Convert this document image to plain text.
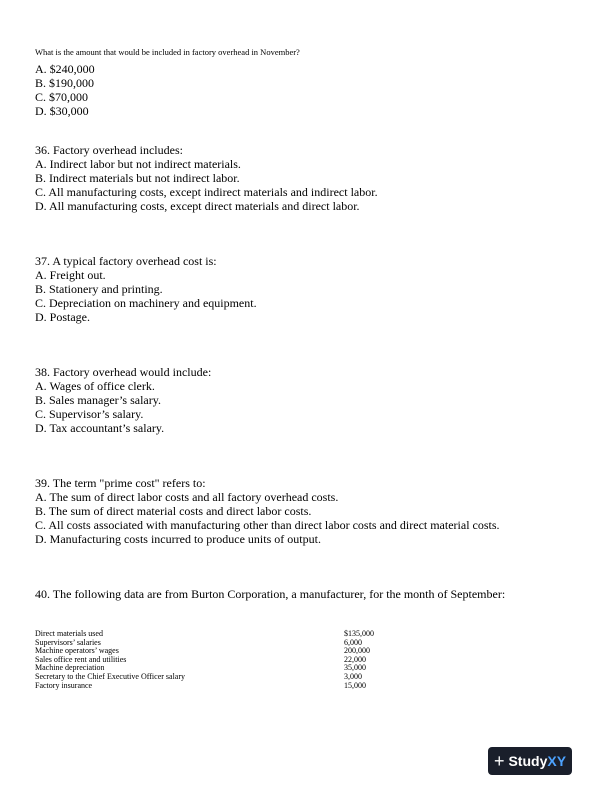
What is the amount that would be included in factory overhead in November?
A. $240,000
B. $190,000
C. $70,000
D. $30,000
36. Factory overhead includes:
A. Indirect labor but not indirect materials.
B. Indirect materials but not indirect labor.
C. All manufacturing costs, except indirect materials and indirect labor.
D. All manufacturing costs, except direct materials and direct labor.
37. A typical factory overhead cost is:
A. Freight out.
B. Stationery and printing.
C. Depreciation on machinery and equipment.
D. Postage.
38. Factory overhead would include:
A. Wages of office clerk.
B. Sales manager’s salary.
C. Supervisor’s salary.
D. Tax accountant’s salary.
39. The term "prime cost" refers to:
A. The sum of direct labor costs and all factory overhead costs.
B. The sum of direct material costs and direct labor costs.
C. All costs associated with manufacturing other than direct labor costs and direct material costs.
D. Manufacturing costs incurred to produce units of output.
40. The following data are from Burton Corporation, a manufacturer, for the month of September:
Direct materials used	$135,000
Supervisors’ salaries	6,000
Machine operators’ wages	200,000
Sales office rent and utilities	22,000
Machine depreciation	35,000
Secretary to the Chief Executive Officer salary	3,000
Factory insurance	15,000
+ StudyXY
